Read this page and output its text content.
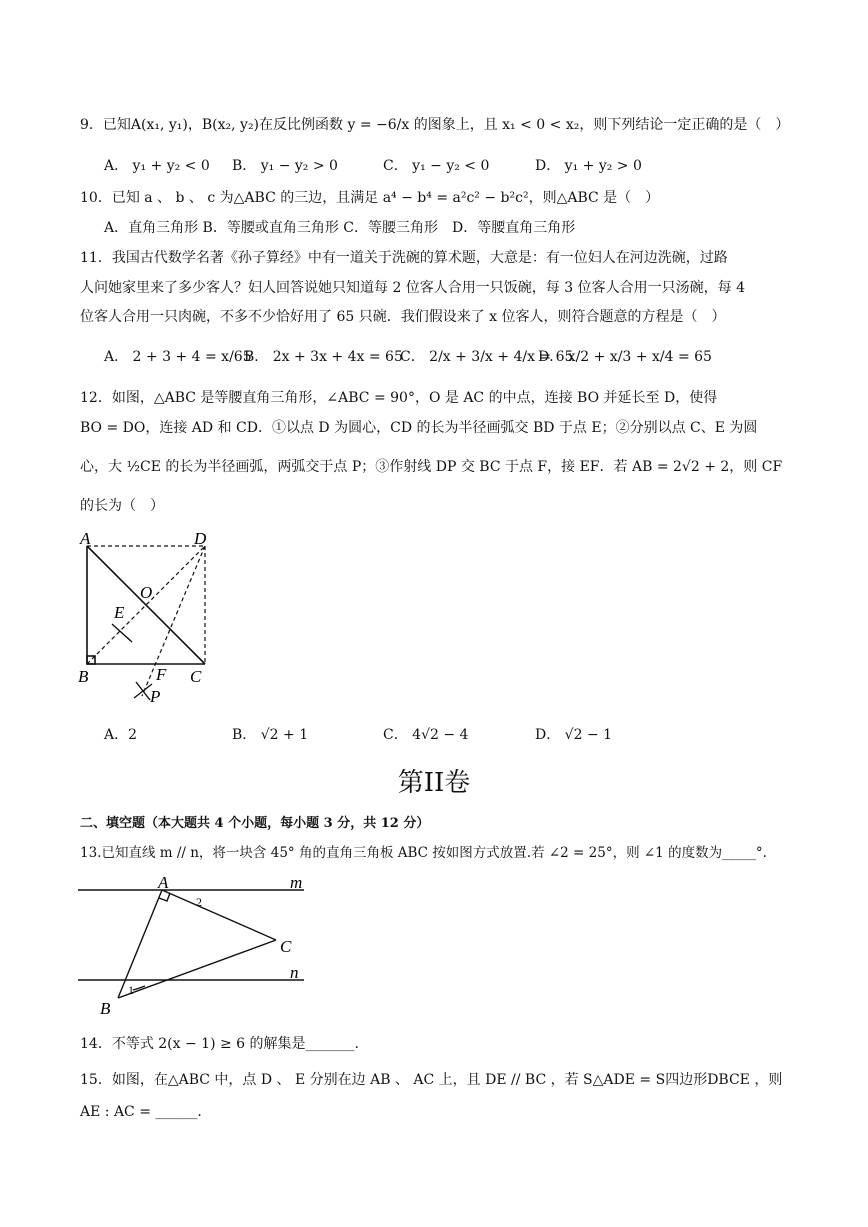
9．已知A(x₁, y₁)，B(x₂, y₂)在反比例函数 y = −6/x 的图象上，且 x₁ < 0 < x₂，则下列结论一定正确的是（　）
A． y₁ + y₂ < 0 B． y₁ − y₂ > 0	C． y₁ − y₂ < 0	D． y₁ + y₂ > 0
10．已知 a 、 b 、 c 为△ABC 的三边，且满足 a⁴ − b⁴ = a²c² − b²c²，则△ABC 是（　）
A．直角三角形 B．等腰或直角三角形 C．等腰三角形　D．等腰直角三角形
11．我国古代数学名著《孙子算经》中有一道关于洗碗的算术题，大意是：有一位妇人在河边洗碗，过路
人问她家里来了多少客人？妇人回答说她只知道每 2 位客人合用一只饭碗，每 3 位客人合用一只汤碗，每 4
位客人合用一只肉碗，不多不少恰好用了 65 只碗．我们假设来了 x 位客人，则符合题意的方程是（　）
A． 2 + 3 + 4 = x/65
B． 2x + 3x + 4x = 65
C． 2/x + 3/x + 4/x = 65
D． x/2 + x/3 + x/4 = 65
12．如图，△ABC 是等腰直角三角形，∠ABC = 90°，O 是 AC 的中点，连接 BO 并延长至 D，使得
BO = DO，连接 AD 和 CD．①以点 D 为圆心，CD 的长为半径画弧交 BD 于点 E；②分别以点 C、E 为圆
心，大 ½CE 的长为半径画弧，两弧交于点 P；③作射线 DP 交 BC 于点 F，接 EF．若 AB = 2√2 + 2，则 CF
的长为（　）
A	D
O
E
B	F C
P
A．2	B． √2 + 1	C． 4√2 − 4	D． √2 − 1
第II卷
二、填空题（本大题共 4 个小题，每小题 3 分，共 12 分）
13.已知直线 m // n，将一块含 45° 角的直角三角板 ABC 按如图方式放置.若 ∠2 = 25°，则 ∠1 的度数为_____°.
A	m
2
C
n
1
B
14．不等式 2(x − 1) ≥ 6 的解集是_______.
15．如图，在△ABC 中，点 D 、 E 分别在边 AB 、 AC 上，且 DE // BC ，若 S△ADE = S四边形DBCE ，则
AE : AC = ______.
